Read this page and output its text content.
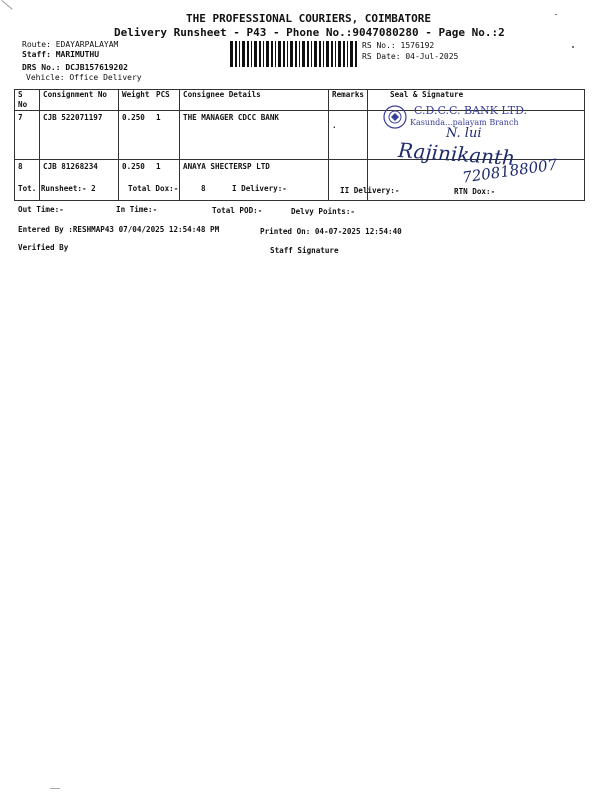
THE PROFESSIONAL COURIERS, COIMBATORE
Delivery Runsheet - P43 - Phone No.:9047080280 - Page No.:2
Route: EDAYARPALAYAM
Staff: MARIMUTHU
DRS No.: DCJB157619202
Vehicle: Office Delivery
RS No.: 1576192
RS Date: 04-Jul-2025
S No	Consignment No	Weight	PCS	Consignee Details	Remarks	Seal & Signature
7	CJB 522071197	0.250	1	THE MANAGER CDCC BANK	.	
8	CJB 81268234	0.250	1	ANAYA SHECTERSP LTD		
C.D.C.C. BANK LTD.
Kasunda...palayam Branch
N. lui
Rajinikanth
7208188007
Tot. Runsheet:- 2	Total Dox:-	8	I Delivery:-	II Delivery:-	RTN Dox:-
Out Time:-	In Time:-	Total POD:-	Delvy Points:-
Entered By :RESHMAP43 07/04/2025 12:54:48 PM	Printed On: 04-07-2025 12:54:40
Verified By	Staff Signature
